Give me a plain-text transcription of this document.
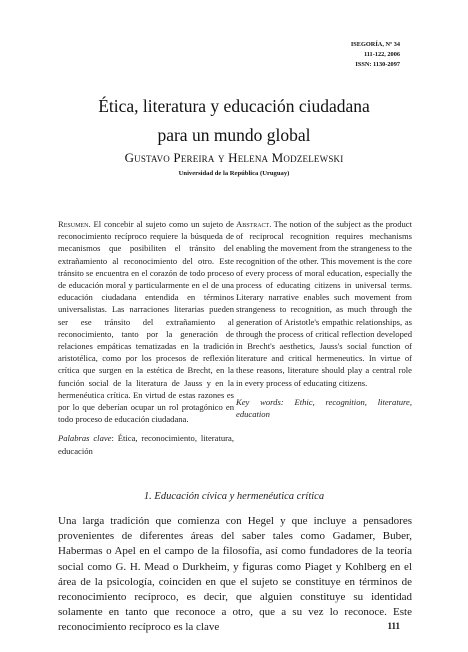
ISEGORÍA, Nº 34
111-122, 2006
ISSN: 1130-2097
Ética, literatura y educación ciudadana
para un mundo global
Gustavo Pereira y Helena Modzelewski
Universidad de la República (Uruguay)
Resumen. El concebir al sujeto como un sujeto de reconocimiento recíproco requiere la búsqueda de mecanismos que posibiliten el tránsito del extrañamiento al reconocimiento del otro. Este tránsito se encuentra en el corazón de todo proceso de educación moral y particularmente en el de una educación ciudadana entendida en términos universalistas. Las narraciones literarias pueden ser ese tránsito del extrañamiento al reconocimiento, tanto por la generación de relaciones empáticas tematizadas en la tradición aristotélica, como por los procesos de reflexión crítica que surgen en la estética de Brecht, en la función social de la literatura de Jauss y en la hermenéutica crítica. En virtud de estas razones es por lo que deberían ocupar un rol protagónico en todo proceso de educación ciudadana.
Palabras clave: Ética, reconocimiento, literatura, educación
Abstract. The notion of the subject as the product of reciprocal recognition requires mechanisms enabling the movement from the strangeness to the recognition of the other. This movement is the core of every process of moral education, especially the process of educating citizens in universal terms. Literary narrative enables such movement from strangeness to recognition, as much through the generation of Aristotle's empathic relationships, as through the process of critical reflection developed in Brecht's aesthetics, Jauss's social function of literature and critical hermeneutics. In virtue of these reasons, literature should play a central role in every process of educating citizens.
Key words: Ethic, recognition, literature, education
1. Educación cívica y hermenéutica crítica
Una larga tradición que comienza con Hegel y que incluye a pensadores provenientes de diferentes áreas del saber tales como Gadamer, Buber, Habermas o Apel en el campo de la filosofía, así como fundadores de la teoría social como G. H. Mead o Durkheim, y figuras como Piaget y Kohlberg en el área de la psicología, coinciden en que el sujeto se constituye en términos de reconocimiento recíproco, es decir, que alguien constituye su identidad solamente en tanto que reconoce a otro, que a su vez lo reconoce. Este reconocimiento recíproco es la clave	111
